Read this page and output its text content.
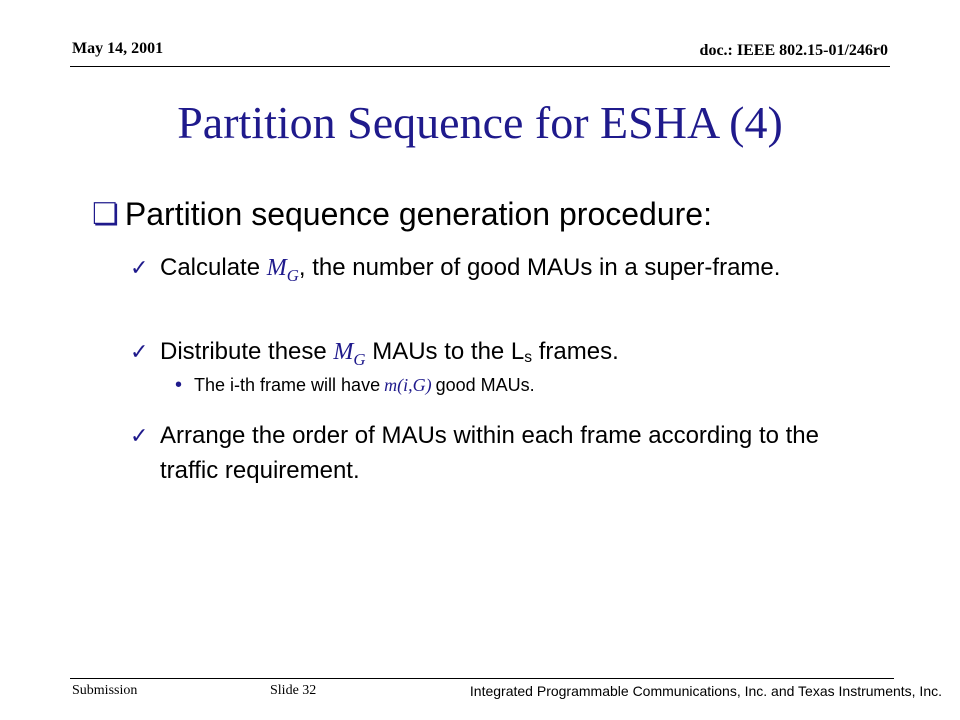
May 14, 2001	doc.: IEEE 802.15-01/246r0
Partition Sequence for ESHA (4)
❏ Partition sequence generation procedure:
✓ Calculate $M_G$, the number of good MAUs in a super-frame.
✓ Distribute these $M_G$ MAUs to the $L_s$ frames.
• The i-th frame will have m(i,G) good MAUs.
✓ Arrange the order of MAUs within each frame according to the traffic requirement.
Submission	Slide 32	Integrated Programmable Communications, Inc. and Texas Instruments, Inc.
